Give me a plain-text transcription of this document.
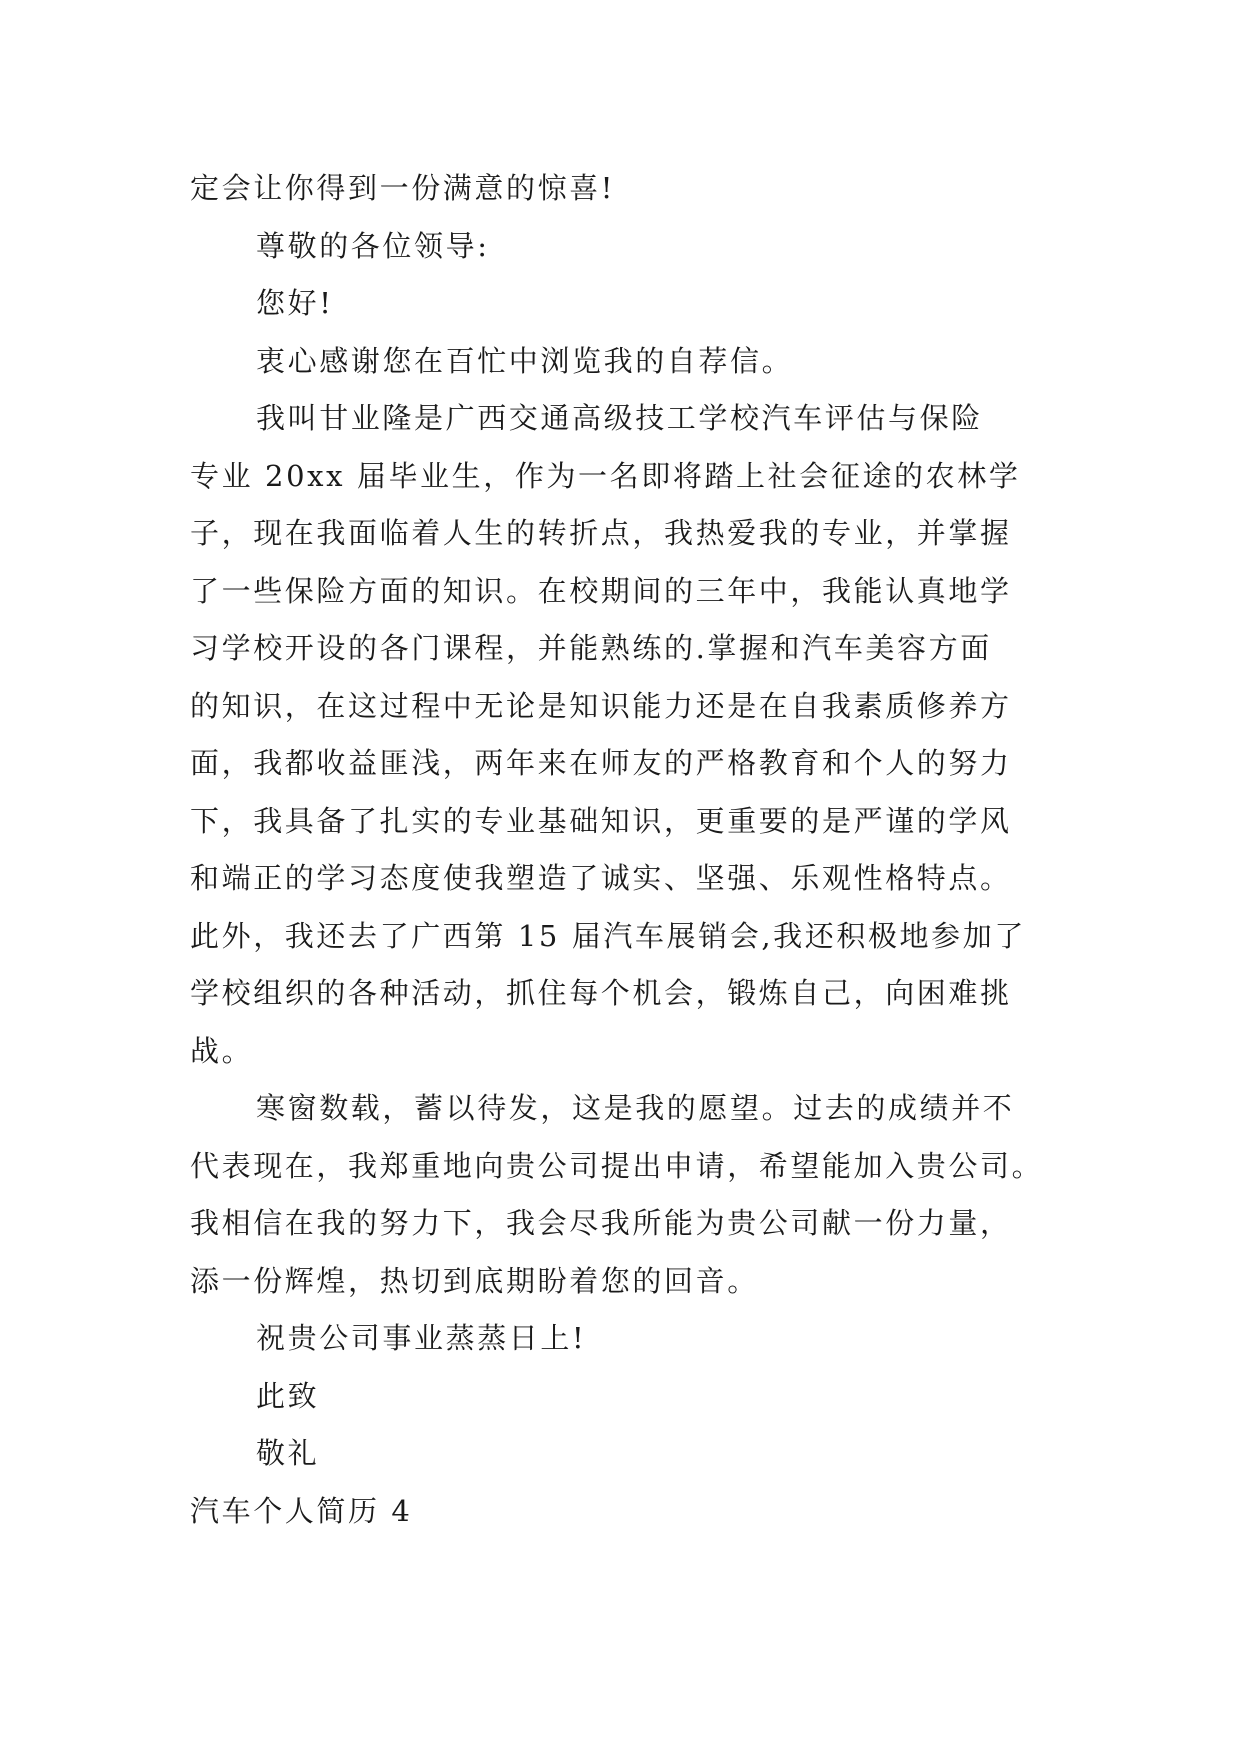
定会让你得到一份满意的惊喜!
尊敬的各位领导:
您好!
衷心感谢您在百忙中浏览我的自荐信。
我叫甘业隆是广西交通高级技工学校汽车评估与保险
专业 20xx 届毕业生，作为一名即将踏上社会征途的农林学
子，现在我面临着人生的转折点，我热爱我的专业，并掌握
了一些保险方面的知识。在校期间的三年中，我能认真地学
习学校开设的各门课程，并能熟练的.掌握和汽车美容方面
的知识，在这过程中无论是知识能力还是在自我素质修养方
面，我都收益匪浅，两年来在师友的严格教育和个人的努力
下，我具备了扎实的专业基础知识，更重要的是严谨的学风
和端正的学习态度使我塑造了诚实、坚强、乐观性格特点。
此外，我还去了广西第 15 届汽车展销会,我还积极地参加了
学校组织的各种活动，抓住每个机会，锻炼自己，向困难挑
战。
寒窗数载，蓄以待发，这是我的愿望。过去的成绩并不
代表现在，我郑重地向贵公司提出申请，希望能加入贵公司。
我相信在我的努力下，我会尽我所能为贵公司献一份力量，
添一份辉煌，热切到底期盼着您的回音。
祝贵公司事业蒸蒸日上!
此致
敬礼
汽车个人简历 4
